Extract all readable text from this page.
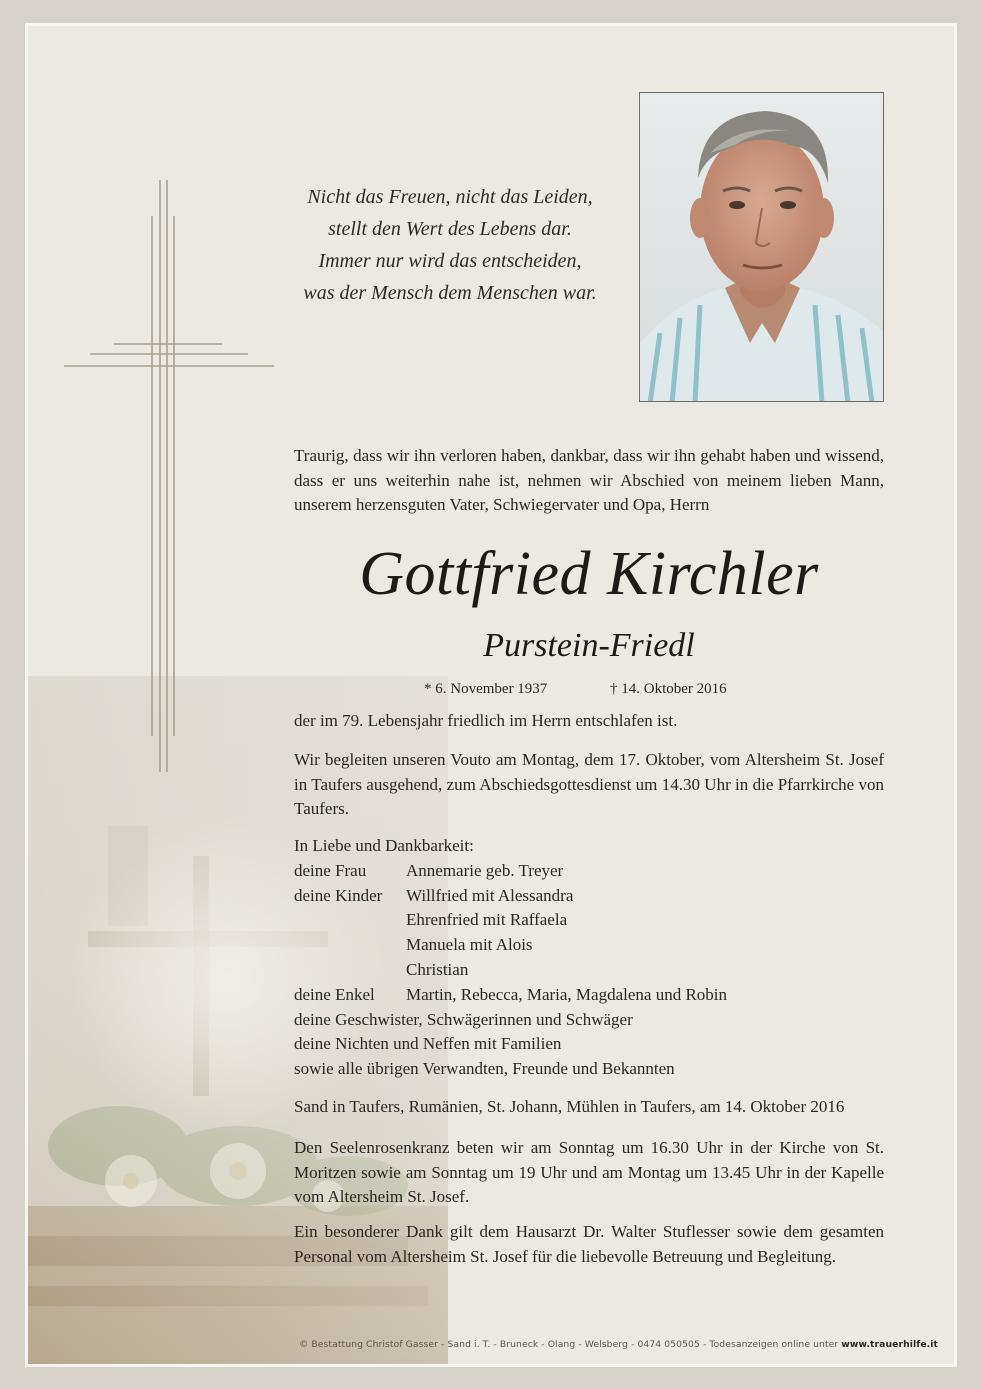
Nicht das Freuen, nicht das Leiden,
stellt den Wert des Lebens dar.
Immer nur wird das entscheiden,
was der Mensch dem Menschen war.
Traurig, dass wir ihn verloren haben, dankbar, dass wir ihn gehabt haben und wissend, dass er uns weiterhin nahe ist, nehmen wir Abschied von meinem lieben Mann, unserem herzensguten Vater, Schwiegervater und Opa, Herrn
Gottfried Kirchler
Purstein-Friedl
* 6. November 1937	† 14. Oktober 2016
der im 79. Lebensjahr friedlich im Herrn entschlafen ist.
Wir begleiten unseren Vouto am Montag, dem 17. Oktober, vom Altersheim St. Josef in Taufers ausgehend, zum Abschiedsgottesdienst um 14.30 Uhr in die Pfarrkirche von Taufers.
In Liebe und Dankbarkeit:
deine Frau Annemarie geb. Treyer
deine Kinder Willfried mit Alessandra
Ehrenfried mit Raffaela
Manuela mit Alois
Christian
deine Enkel Martin, Rebecca, Maria, Magdalena und Robin
deine Geschwister, Schwägerinnen und Schwäger
deine Nichten und Neffen mit Familien
sowie alle übrigen Verwandten, Freunde und Bekannten
Sand in Taufers, Rumänien, St. Johann, Mühlen in Taufers, am 14. Oktober 2016
Den Seelenrosenkranz beten wir am Sonntag um 16.30 Uhr in der Kirche von St. Moritzen sowie am Sonntag um 19 Uhr und am Montag um 13.45 Uhr in der Kapelle vom Altersheim St. Josef.
Ein besonderer Dank gilt dem Hausarzt Dr. Walter Stuflesser sowie dem gesamten Personal vom Altersheim St. Josef für die liebevolle Betreuung und Begleitung.
© Bestattung Christof Gasser - Sand i. T. - Bruneck - Olang - Welsberg - 0474 050505 - Todesanzeigen online unter www.trauerhilfe.it
